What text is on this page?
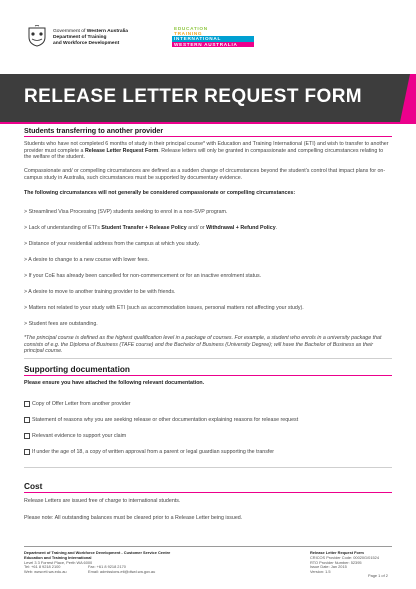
Government of Western Australia
Department of Training
and Workforce Development
EDUCATION
TRAINING
INTERNATIONAL
WESTERN AUSTRALIA
RELEASE LETTER REQUEST FORM
Students transferring to another provider

Students who have not completed 6 months of study in their principal course* with Education and Training International (ETI) and wish to transfer to another provider must complete a Release Letter Request Form. Release letters will only be granted in compassionate and compelling circumstances relating to the welfare of the student.

Compassionate and/ or compelling circumstances are defined as a sudden change of circumstances beyond the student's control that impact plans for on-campus study in Australia, such circumstances must be supported by documentary evidence.

The following circumstances will not generally be considered compassionate or compelling circumstances:

> Streamlined Visa Processing (SVP) students seeking to enrol in a non-SVP program.

> Lack of understanding of ETI's Student Transfer + Release Policy and/ or Withdrawal + Refund Policy.

> Distance of your residential address from the campus at which you study.

> A desire to change to a new course with lower fees.

> If your CoE has already been cancelled for non-commencement or for an inactive enrolment status.

> A desire to move to another training provider to be with friends.

> Matters not related to your study with ETI (such as accommodation issues, personal matters not affecting your study).

> Student fees are outstanding.

*The principal course is defined as the highest qualification level in a package of courses. For example, a student who enrols in a university package that consists of e.g. the Diploma of Business (TAFE course) and the Bachelor of Business (University Degree); will have the Bachelor of Business as their principal course.

Supporting documentation

Please ensure you have attached the following relevant documentation.

Copy of Offer Letter from another provider
Statement of reasons why you are seeking release or other documentation explaining reasons for release request
Relevant evidence to support your claim
If under the age of 18, a copy of written approval from a parent or legal guardian supporting the transfer
Cost

Release Letters are issued free of charge to international students.

Please note: All outstanding balances must be cleared prior to a Release Letter being issued.

Department of Training and Workforce Development - Customer Service Centre
Education and Training International
Level 3 3 Forrest Place, Perth WA 6000
Tel: +61 8 9218 2100	Fax: +61 8 9218 2170
Web: www.eti.wa.edu.au	Email: admissions.eti@dtwd.wa.gov.au
Release Letter Request Form
CRICOS Provider Code: 00020G/01524
RTO Provider Number: 52395
Issue Date: Jan 2015
Version: 1.5
Page 1 of 2
